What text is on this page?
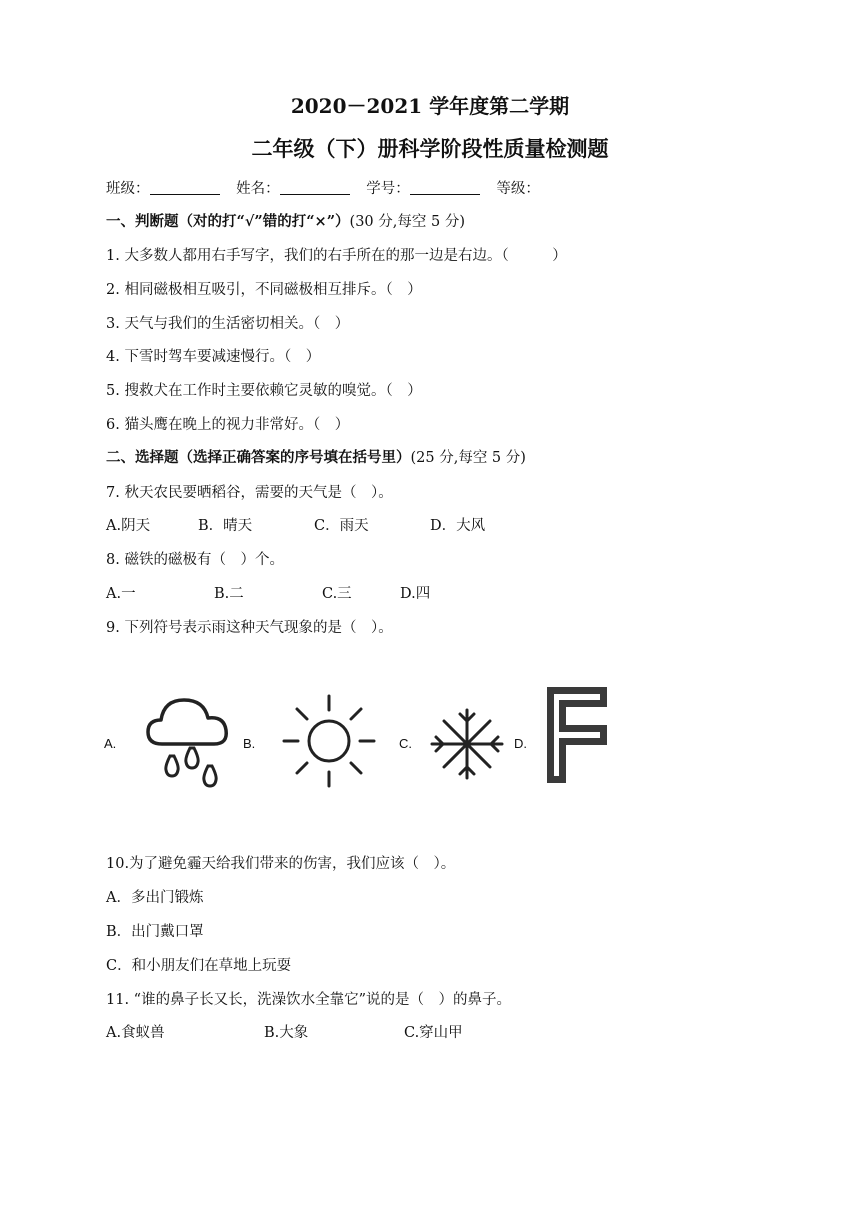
2020－2021 学年度第二学期
二年级（下）册科学阶段性质量检测题
班级：	姓名：	学号：	等级：
一、判断题（对的打“√”错的打“×”）(30 分,每空 5 分)
1. 大多数人都用右手写字，我们的右手所在的那一边是右边。（　　　）
2. 相同磁极相互吸引，不同磁极相互排斥。（　）
3. 天气与我们的生活密切相关。（　）
4. 下雪时驾车要减速慢行。（　）
5. 搜救犬在工作时主要依赖它灵敏的嗅觉。（　）
6. 猫头鹰在晚上的视力非常好。（　）
二、选择题（选择正确答案的序号填在括号里）(25 分,每空 5 分)
7. 秋天农民要晒稻谷，需要的天气是（　）。
A.阴天	B．晴天	C．雨天	D．大风
8. 磁铁的磁极有（　）个。
A.一	B.二	C.三	D.四
9. 下列符号表示雨这种天气现象的是（　）。
A.	B.	C.	D.
10.为了避免霾天给我们带来的伤害，我们应该（　）。
A．多出门锻炼
B．出门戴口罩
C．和小朋友们在草地上玩耍
11. “谁的鼻子长又长，洗澡饮水全靠它”说的是（　）的鼻子。
A.食蚁兽	B.大象	C.穿山甲
